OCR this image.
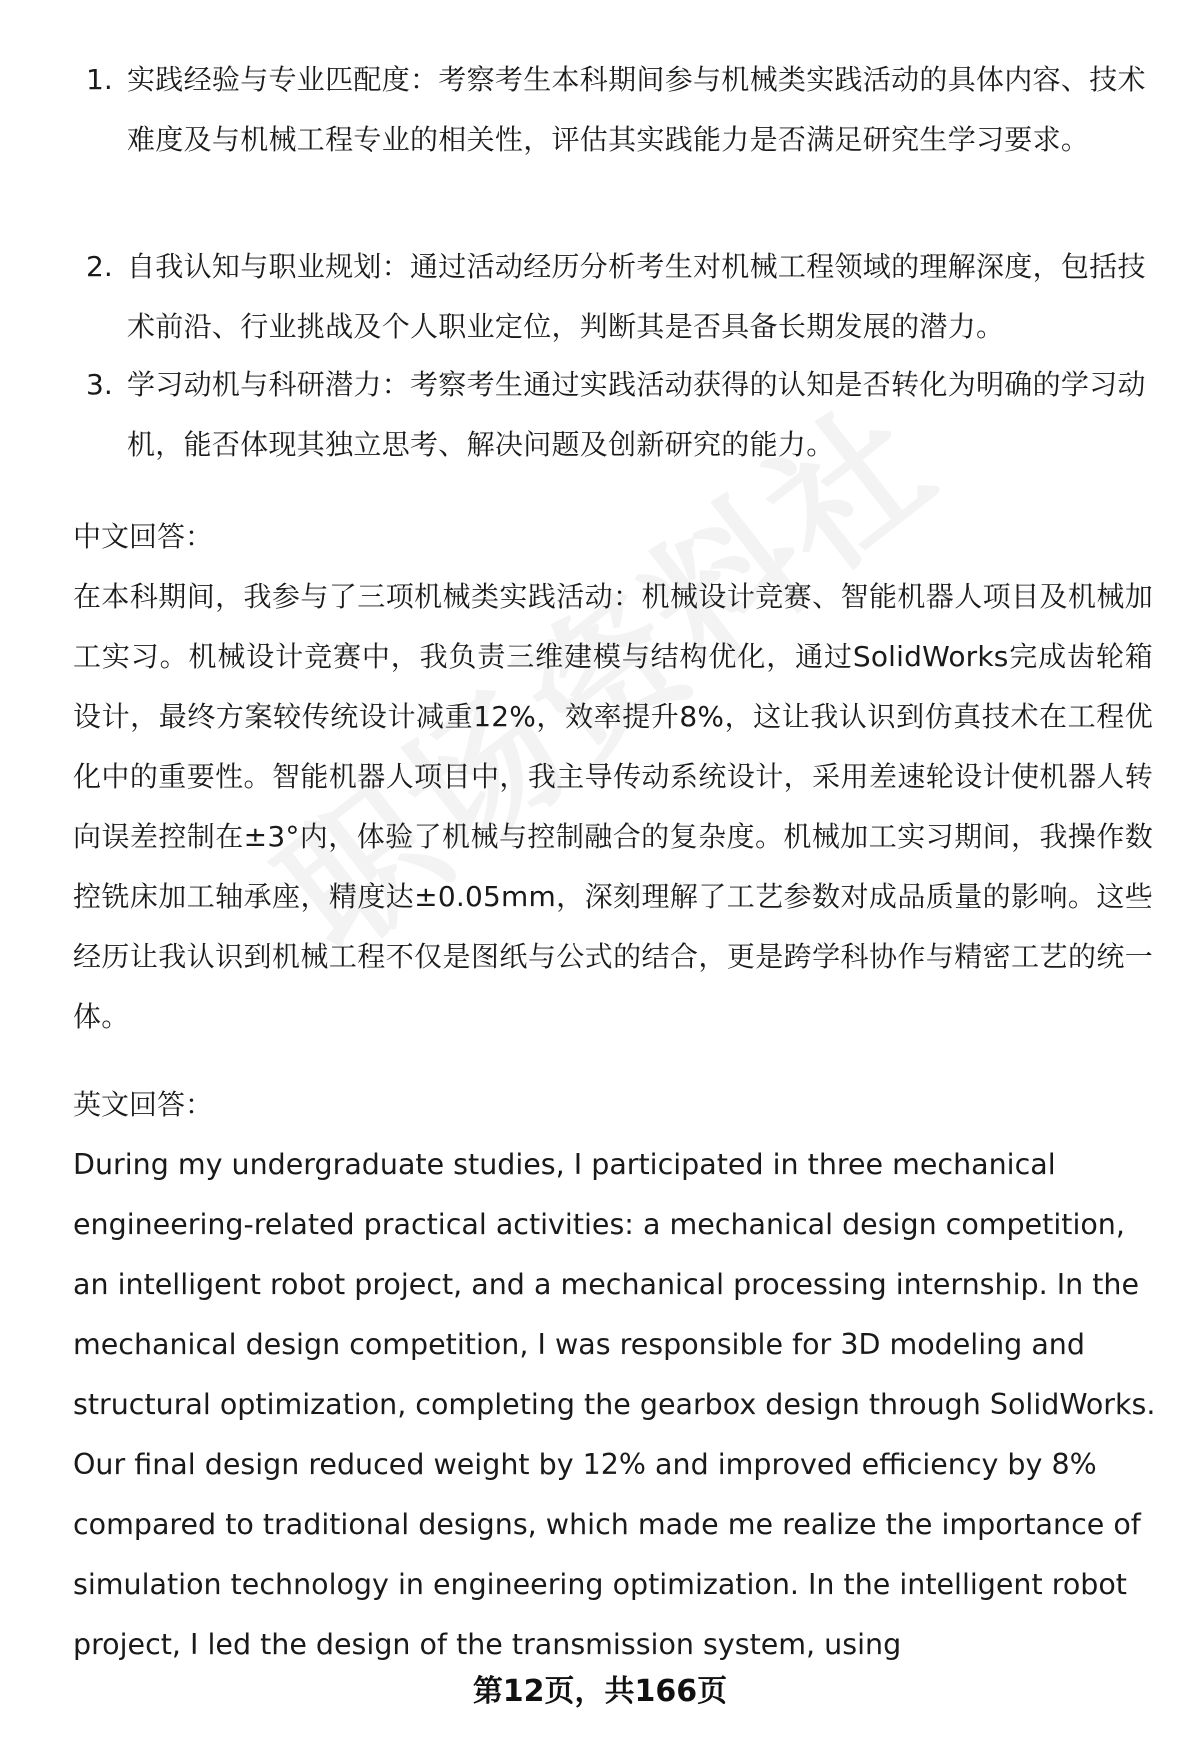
1. 实践经验与专业匹配度：考察考生本科期间参与机械类实践活动的具体内容、技术难度及与机械工程专业的相关性，评估其实践能力是否满足研究生学习要求。
2. 自我认知与职业规划：通过活动经历分析考生对机械工程领域的理解深度，包括技术前沿、行业挑战及个人职业定位，判断其是否具备长期发展的潜力。
3. 学习动机与科研潜力：考察考生通过实践活动获得的认知是否转化为明确的学习动机，能否体现其独立思考、解决问题及创新研究的能力。
中文回答：
在本科期间，我参与了三项机械类实践活动：机械设计竞赛、智能机器人项目及机械加工实习。机械设计竞赛中，我负责三维建模与结构优化，通过SolidWorks完成齿轮箱设计，最终方案较传统设计减重12%，效率提升8%，这让我认识到仿真技术在工程优化中的重要性。智能机器人项目中，我主导传动系统设计，采用差速轮设计使机器人转向误差控制在±3°内，体验了机械与控制融合的复杂度。机械加工实习期间，我操作数控铣床加工轴承座，精度达±0.05mm，深刻理解了工艺参数对成品质量的影响。这些经历让我认识到机械工程不仅是图纸与公式的结合，更是跨学科协作与精密工艺的统一体。
英文回答：
During my undergraduate studies, I participated in three mechanical engineering-related practical activities: a mechanical design competition, an intelligent robot project, and a mechanical processing internship. In the mechanical design competition, I was responsible for 3D modeling and structural optimization, completing the gearbox design through SolidWorks. Our final design reduced weight by 12% and improved efficiency by 8% compared to traditional designs, which made me realize the importance of simulation technology in engineering optimization. In the intelligent robot project, I led the design of the transmission system, using
第12页，共166页
